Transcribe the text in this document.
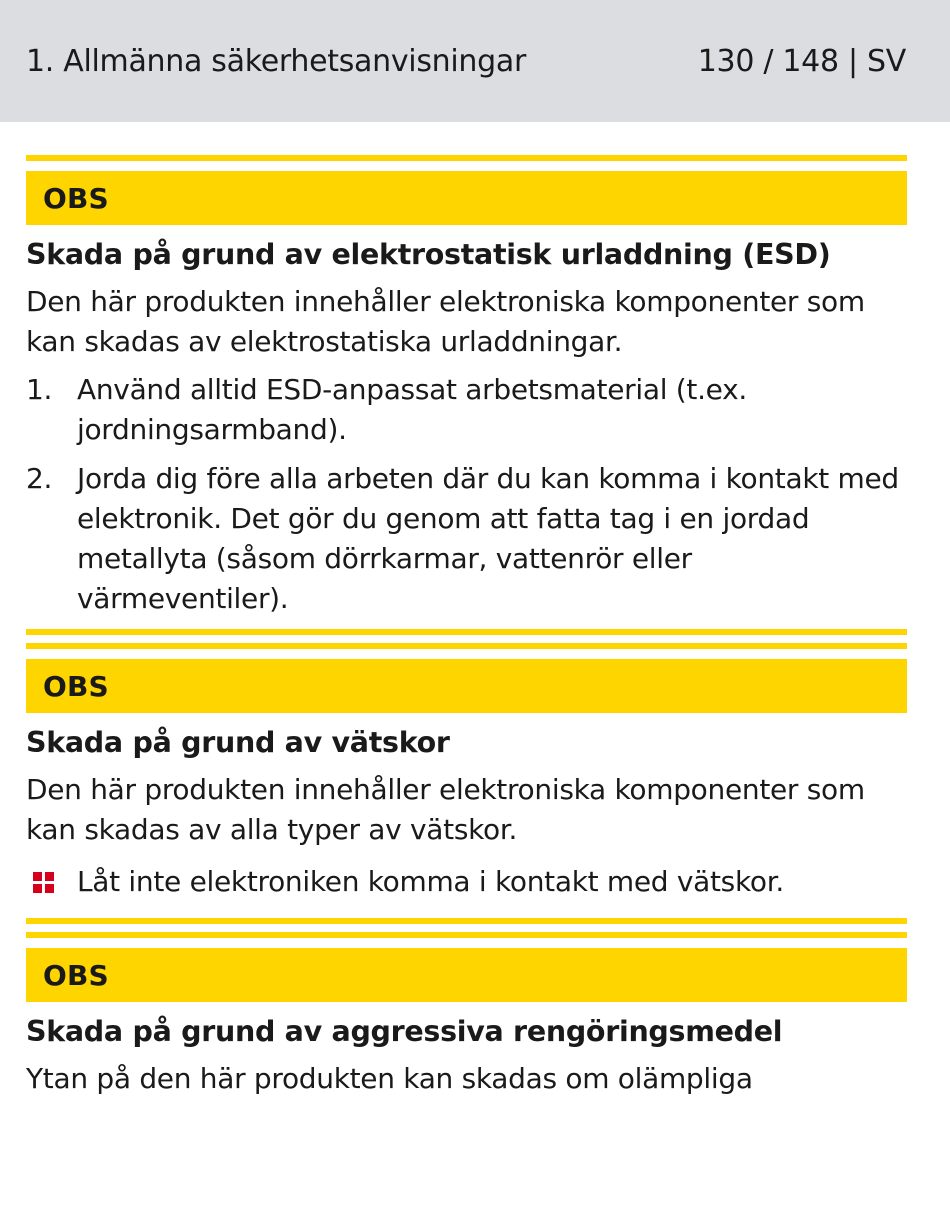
1. Allmänna säkerhetsanvisningar	130 / 148 | SV
OBS
Skada på grund av elektrostatisk urladdning (ESD)

Den här produkten innehåller elektroniska komponenter som kan skadas av elektrostatiska urladdningar.

1. Använd alltid ESD-anpassat arbetsmaterial (t.ex. jordningsarmband).
2. Jorda dig före alla arbeten där du kan komma i kontakt med elektronik. Det gör du genom att fatta tag i en jordad metallyta (såsom dörrkarmar, vattenrör eller värmeventiler).
OBS
Skada på grund av vätskor

Den här produkten innehåller elektroniska komponenter som kan skadas av alla typer av vätskor.

Låt inte elektroniken komma i kontakt med vätskor.
OBS
Skada på grund av aggressiva rengöringsmedel

Ytan på den här produkten kan skadas om olämpliga
